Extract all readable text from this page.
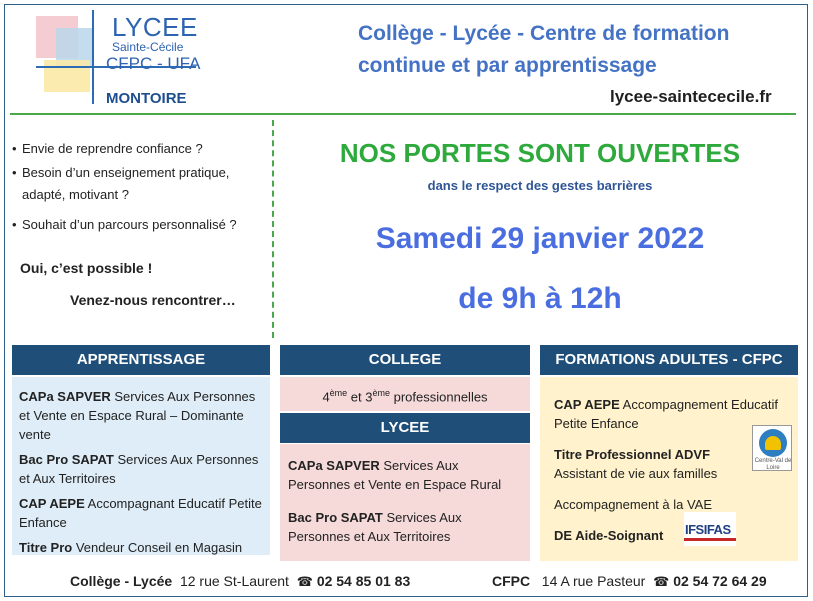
LYCEE
Sainte-Cécile
CFPC - UFA
MONTOIRE
Collège - Lycée - Centre de formation continue et par apprentissage
lycee-saintececile.fr
• Envie de reprendre confiance ?
• Besoin d’un enseignement pratique,
adapté, motivant ?
• Souhait d’un parcours personnalisé ?
Oui, c’est possible !
Venez-nous rencontrer…
NOS PORTES SONT OUVERTES
dans le respect des gestes barrières
Samedi 29 janvier 2022
de 9h à 12h
APPRENTISSAGE	COLLEGE	FORMATIONS ADULTES - CFPC
LYCEE

CAPa SAPVER Services Aux Personnes et Vente en Espace Rural – Dominante vente

Bac Pro SAPAT Services Aux Personnes et Aux Territoires

CAP AEPE Accompagnant Educatif Petite Enfance

Titre Pro Vendeur Conseil en Magasin

4ème et 3ème professionnelles

CAPa SAPVER Services Aux Personnes et Vente en Espace Rural

Bac Pro SAPAT Services Aux Personnes et Aux Territoires

CAP AEPE Accompagnement Educatif Petite Enfance

Titre Professionnel ADVF
Assistant de vie aux familles

Accompagnement à la VAE

DE Aide-Soignant

Centre-Val de Loire
IFSIFAS
Collège - Lycée 12 rue St-Laurent ☎ 02 54 85 01 83	CFPC 14 A rue Pasteur ☎ 02 54 72 64 29
